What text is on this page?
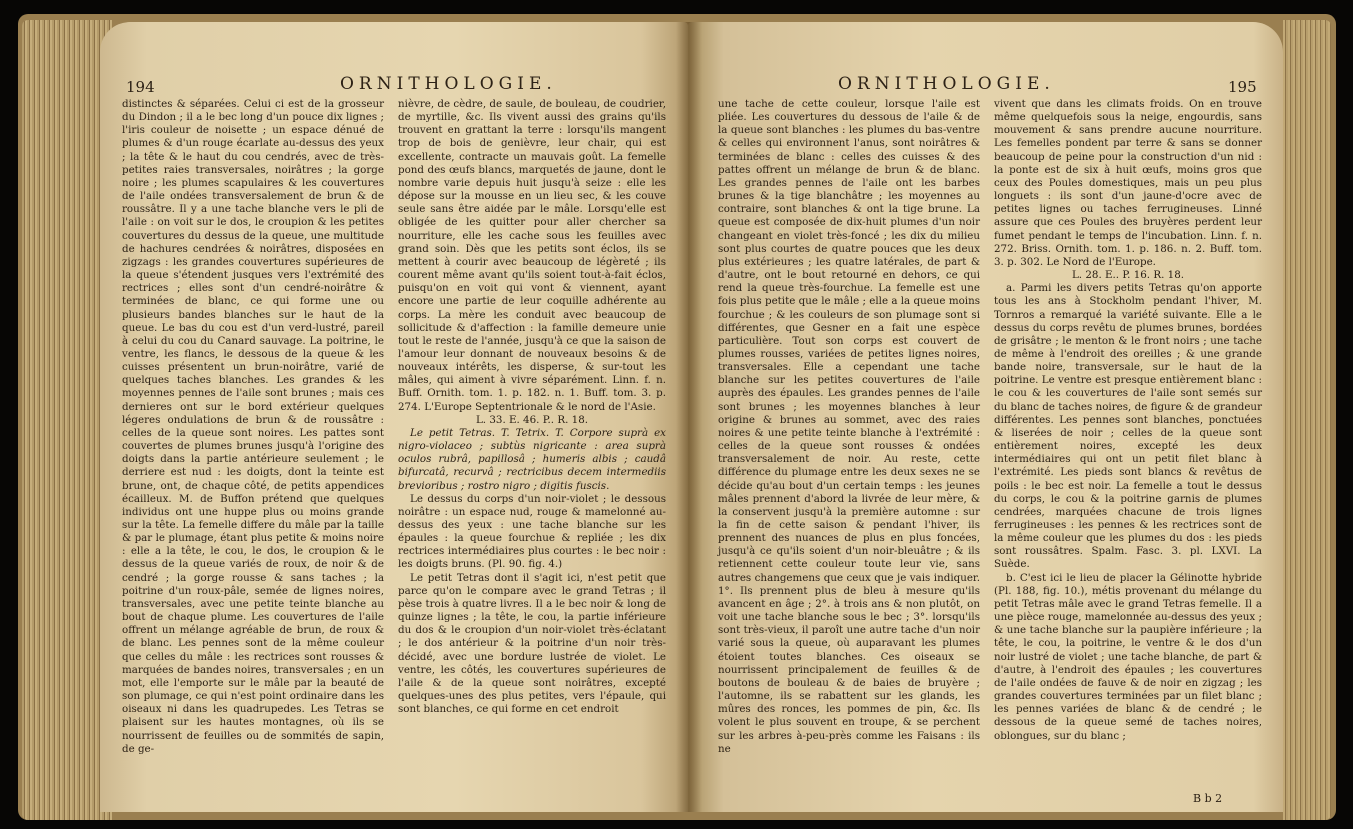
194	ORNITHOLOGIE.

distinctes & séparées. Celui ci est de la grosseur du Dindon ; il a le bec long d'un pouce dix lignes ; l'iris couleur de noisette ; un espace dénué de plumes & d'un rouge écarlate au-dessus des yeux ; la tête & le haut du cou cendrés, avec de très-petites raies transversales, noirâtres ; la gorge noire ; les plumes scapulaires & les couvertures de l'aile ondées transversalement de brun & de roussâtre. Il y a une tache blanche vers le pli de l'aile : on voit sur le dos, le croupion & les petites couvertures du dessus de la queue, une multitude de hachures cendrées & noirâtres, disposées en zigzags : les grandes couvertures supérieures de la queue s'étendent jusques vers l'extrémité des rectrices ; elles sont d'un cendré-noirâtre & terminées de blanc, ce qui forme une ou plusieurs bandes blanches sur le haut de la queue. Le bas du cou est d'un verd-lustré, pareil à celui du cou du Canard sauvage. La poitrine, le ventre, les flancs, le dessous de la queue & les cuisses présentent un brun-noirâtre, varié de quelques taches blanches. Les grandes & les moyennes pennes de l'aile sont brunes ; mais ces dernieres ont sur le bord extérieur quelques légeres ondulations de brun & de roussâtre : celles de la queue sont noires. Les pattes sont couvertes de plumes brunes jusqu'à l'origine des doigts dans la partie antérieure seulement ; le derriere est nud : les doigts, dont la teinte est brune, ont, de chaque côté, de petits appendices écailleux. M. de Buffon prétend que quelques individus ont une huppe plus ou moins grande sur la tête. La femelle differe du mâle par la taille & par le plumage, étant plus petite & moins noire : elle a la tête, le cou, le dos, le croupion & le dessus de la queue variés de roux, de noir & de cendré ; la gorge rousse & sans taches ; la poitrine d'un roux-pâle, semée de lignes noires, transversales, avec une petite teinte blanche au bout de chaque plume. Les couvertures de l'aile offrent un mélange agréable de brun, de roux & de blanc. Les pennes sont de la même couleur que celles du mâle : les rectrices sont rousses & marquées de bandes noires, transversales ; en un mot, elle l'emporte sur le mâle par la beauté de son plumage, ce qui n'est point ordinaire dans les oiseaux ni dans les quadrupedes. Les Tetras se plaisent sur les hautes montagnes, où ils se nourrissent de feuilles ou de sommités de sapin, de ge-

nièvre, de cèdre, de saule, de bouleau, de coudrier, de myrtille, &c. Ils vivent aussi des grains qu'ils trouvent en grattant la terre : lorsqu'ils mangent trop de bois de genièvre, leur chair, qui est excellente, contracte un mauvais goût. La femelle pond des œufs blancs, marquetés de jaune, dont le nombre varie depuis huit jusqu'à seize : elle les dépose sur la mousse en un lieu sec, & les couve seule sans être aidée par le mâle. Lorsqu'elle est obligée de les quitter pour aller chercher sa nourriture, elle les cache sous les feuilles avec grand soin. Dès que les petits sont éclos, ils se mettent à courir avec beaucoup de légèreté ; ils courent même avant qu'ils soient tout-à-fait éclos, puisqu'on en voit qui vont & viennent, ayant encore une partie de leur coquille adhérente au corps. La mère les conduit avec beaucoup de sollicitude & d'affection : la famille demeure unie tout le reste de l'année, jusqu'à ce que la saison de l'amour leur donnant de nouveaux besoins & de nouveaux intérêts, les disperse, & sur-tout les mâles, qui aiment à vivre séparément. Linn. f. n. Buff. Ornith. tom. 1. p. 182. n. 1. Buff. tom. 3. p. 274. L'Europe Septentrionale & le nord de l'Asie.

L. 33. E. 46. P.. R. 18.

Le petit Tetras. T. Tetrix. T. Corpore suprà ex nigro-violaceo ; subtùs nigricante : area suprà oculos rubrâ, papillosâ ; humeris albis ; caudâ bifurcatâ, recurvâ ; rectricibus decem intermediis brevioribus ; rostro nigro ; digitis fuscis.

Le dessus du corps d'un noir-violet ; le dessous noirâtre : un espace nud, rouge & mamelonné au-dessus des yeux : une tache blanche sur les épaules : la queue fourchue & repliée ; les dix rectrices intermédiaires plus courtes : le bec noir : les doigts bruns. (Pl. 90. fig. 4.)

Le petit Tetras dont il s'agit ici, n'est petit que parce qu'on le compare avec le grand Tetras ; il pèse trois à quatre livres. Il a le bec noir & long de quinze lignes ; la tête, le cou, la partie inférieure du dos & le croupion d'un noir-violet très-éclatant ; le dos antérieur & la poitrine d'un noir très-décidé, avec une bordure lustrée de violet. Le ventre, les côtés, les couvertures supérieures de l'aile & de la queue sont noirâtres, excepté quelques-unes des plus petites, vers l'épaule, qui sont blanches, ce qui forme en cet endroit

ORNITHOLOGIE.	195

une tache de cette couleur, lorsque l'aile est pliée. Les couvertures du dessous de l'aile & de la queue sont blanches : les plumes du bas-ventre & celles qui environnent l'anus, sont noirâtres & terminées de blanc : celles des cuisses & des pattes offrent un mélange de brun & de blanc. Les grandes pennes de l'aile ont les barbes brunes & la tige blanchâtre ; les moyennes au contraire, sont blanches & ont la tige brune. La queue est composée de dix-huit plumes d'un noir changeant en violet très-foncé ; les dix du milieu sont plus courtes de quatre pouces que les deux plus extérieures ; les quatre latérales, de part & d'autre, ont le bout retourné en dehors, ce qui rend la queue très-fourchue. La femelle est une fois plus petite que le mâle ; elle a la queue moins fourchue ; & les couleurs de son plumage sont si différentes, que Gesner en a fait une espèce particulière. Tout son corps est couvert de plumes rousses, variées de petites lignes noires, transversales. Elle a cependant une tache blanche sur les petites couvertures de l'aile auprès des épaules. Les grandes pennes de l'aile sont brunes ; les moyennes blanches à leur origine & brunes au sommet, avec des raies noires & une petite teinte blanche à l'extrémité : celles de la queue sont rousses & ondées transversalement de noir. Au reste, cette différence du plumage entre les deux sexes ne se décide qu'au bout d'un certain temps : les jeunes mâles prennent d'abord la livrée de leur mère, & la conservent jusqu'à la première automne : sur la fin de cette saison & pendant l'hiver, ils prennent des nuances de plus en plus foncées, jusqu'à ce qu'ils soient d'un noir-bleuâtre ; & ils retiennent cette couleur toute leur vie, sans autres changemens que ceux que je vais indiquer. 1°. Ils prennent plus de bleu à mesure qu'ils avancent en âge ; 2°. à trois ans & non plutôt, on voit une tache blanche sous le bec ; 3°. lorsqu'ils sont très-vieux, il paroît une autre tache d'un noir varié sous la queue, où auparavant les plumes étoient toutes blanches. Ces oiseaux se nourrissent principalement de feuilles & de boutons de bouleau & de baies de bruyère ; l'automne, ils se rabattent sur les glands, les mûres des ronces, les pommes de pin, &c. Ils volent le plus souvent en troupe, & se perchent sur les arbres à-peu-près comme les Faisans : ils ne

vivent que dans les climats froids. On en trouve même quelquefois sous la neige, engourdis, sans mouvement & sans prendre aucune nourriture. Les femelles pondent par terre & sans se donner beaucoup de peine pour la construction d'un nid : la ponte est de six à huit œufs, moins gros que ceux des Poules domestiques, mais un peu plus longuets : ils sont d'un jaune-d'ocre avec de petites lignes ou taches ferrugineuses. Linné assure que ces Poules des bruyères perdent leur fumet pendant le temps de l'incubation. Linn. f. n. 272. Briss. Ornith. tom. 1. p. 186. n. 2. Buff. tom. 3. p. 302. Le Nord de l'Europe.

L. 28. E.. P. 16. R. 18.

a. Parmi les divers petits Tetras qu'on apporte tous les ans à Stockholm pendant l'hiver, M. Tornros a remarqué la variété suivante. Elle a le dessus du corps revêtu de plumes brunes, bordées de grisâtre ; le menton & le front noirs ; une tache de même à l'endroit des oreilles ; & une grande bande noire, transversale, sur le haut de la poitrine. Le ventre est presque entièrement blanc : le cou & les couvertures de l'aile sont semés sur du blanc de taches noires, de figure & de grandeur différentes. Les pennes sont blanches, ponctuées & liserées de noir ; celles de la queue sont entièrement noires, excepté les deux intermédiaires qui ont un petit filet blanc à l'extrémité. Les pieds sont blancs & revêtus de poils : le bec est noir. La femelle a tout le dessus du corps, le cou & la poitrine garnis de plumes cendrées, marquées chacune de trois lignes ferrugineuses : les pennes & les rectrices sont de la même couleur que les plumes du dos : les pieds sont roussâtres. Spalm. Fasc. 3. pl. LXVI. La Suède.

b. C'est ici le lieu de placer la Gélinotte hybride (Pl. 188, fig. 10.), métis provenant du mélange du petit Tetras mâle avec le grand Tetras femelle. Il a une pièce rouge, mamelonnée au-dessus des yeux ; & une tache blanche sur la paupière inférieure ; la tête, le cou, la poitrine, le ventre & le dos d'un noir lustré de violet ; une tache blanche, de part & d'autre, à l'endroit des épaules ; les couvertures de l'aile ondées de fauve & de noir en zigzag ; les grandes couvertures terminées par un filet blanc ; les pennes variées de blanc & de cendré ; le dessous de la queue semé de taches noires, oblongues, sur du blanc ;

B b 2
